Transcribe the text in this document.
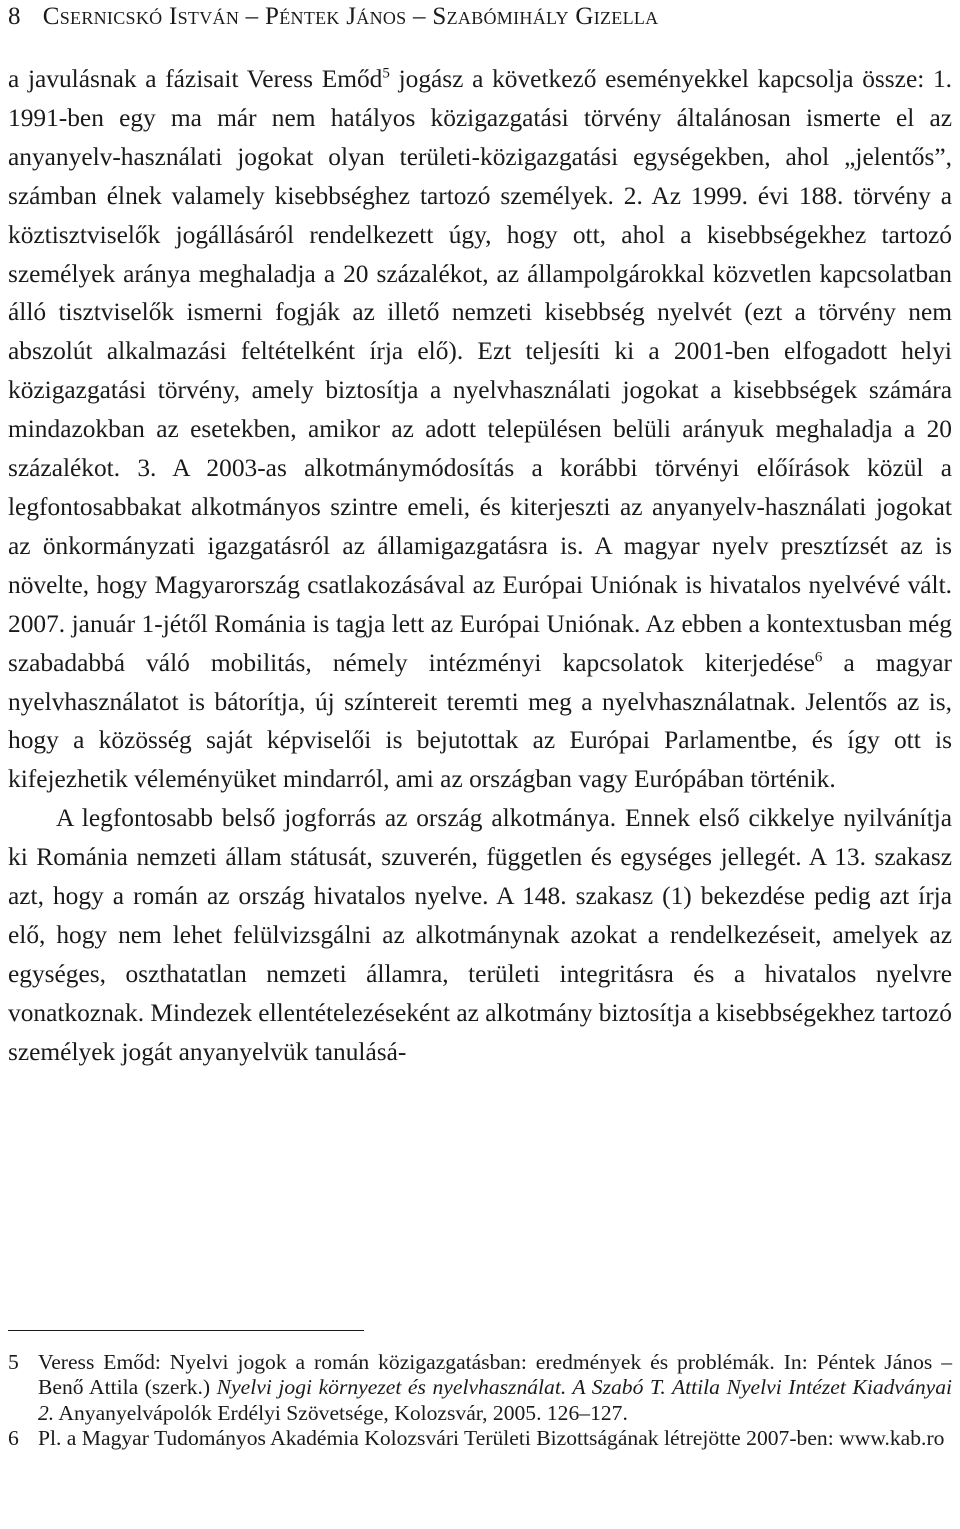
8 Csernicskó István – Péntek János – Szabómihály Gizella

a javulásnak a fázisait Veress Emőd$^5$ jogász a következő eseményekkel kapcsolja össze: 1. 1991-ben egy ma már nem hatályos közigazgatási törvény általánosan ismerte el az anyanyelv-használati jogokat olyan területi-közigazgatási egységekben, ahol „jelentős”, számban élnek valamely kisebbséghez tartozó személyek. 2. Az 1999. évi 188. törvény a köztisztviselők jogállásáról rendelkezett úgy, hogy ott, ahol a kisebbségekhez tartozó személyek aránya meghaladja a 20 százalékot, az állampolgárokkal közvetlen kapcsolatban álló tisztviselők ismerni fogják az illető nemzeti kisebbség nyelvét (ezt a törvény nem abszolút alkalmazási feltételként írja elő). Ezt teljesíti ki a 2001-ben elfogadott helyi közigazgatási törvény, amely biztosítja a nyelvhasználati jogokat a kisebbségek számára mindazokban az esetekben, amikor az adott településen belüli arányuk meghaladja a 20 százalékot. 3. A 2003-as alkotmánymódosítás a korábbi törvényi előírások közül a legfontosabbakat alkotmányos szintre emeli, és kiterjeszti az anyanyelv-használati jogokat az önkormányzati igazgatásról az államigazgatásra is. A magyar nyelv presztízsét az is növelte, hogy Magyarország csatlakozásával az Európai Uniónak is hivatalos nyelvévé vált. 2007. január 1-jétől Románia is tagja lett az Európai Uniónak. Az ebben a kontextusban még szabadabbá váló mobilitás, némely intézményi kapcsolatok kiterjedése$^6$ a magyar nyelvhasználatot is bátorítja, új színtereit teremti meg a nyelvhasználatnak. Jelentős az is, hogy a közösség saját képviselői is bejutottak az Európai Parlamentbe, és így ott is kifejezhetik véleményüket mindarról, ami az országban vagy Európában történik.

A legfontosabb belső jogforrás az ország alkotmánya. Ennek első cikkelye nyilvánítja ki Románia nemzeti állam státusát, szuverén, független és egységes jellegét. A 13. szakasz azt, hogy a román az ország hivatalos nyelve. A 148. szakasz (1) bekezdése pedig azt írja elő, hogy nem lehet felülvizsgálni az alkotmánynak azokat a rendelkezéseit, amelyek az egységes, oszthatatlan nemzeti államra, területi integritásra és a hivatalos nyelvre vonatkoznak. Mindezek ellentételezéseként az alkotmány biztosítja a kisebbségekhez tartozó személyek jogát anyanyelvük tanulásá-

5 Veress Emőd: Nyelvi jogok a román közigazgatásban: eredmények és problémák. In: Péntek János – Benő Attila (szerk.) Nyelvi jogi környezet és nyelvhasználat. A Szabó T. Attila Nyelvi Intézet Kiadványai 2. Anyanyelvápolók Erdélyi Szövetsége, Kolozsvár, 2005. 126–127.
6 Pl. a Magyar Tudományos Akadémia Kolozsvári Területi Bizottságának létrejötte 2007-ben: www.kab.ro
